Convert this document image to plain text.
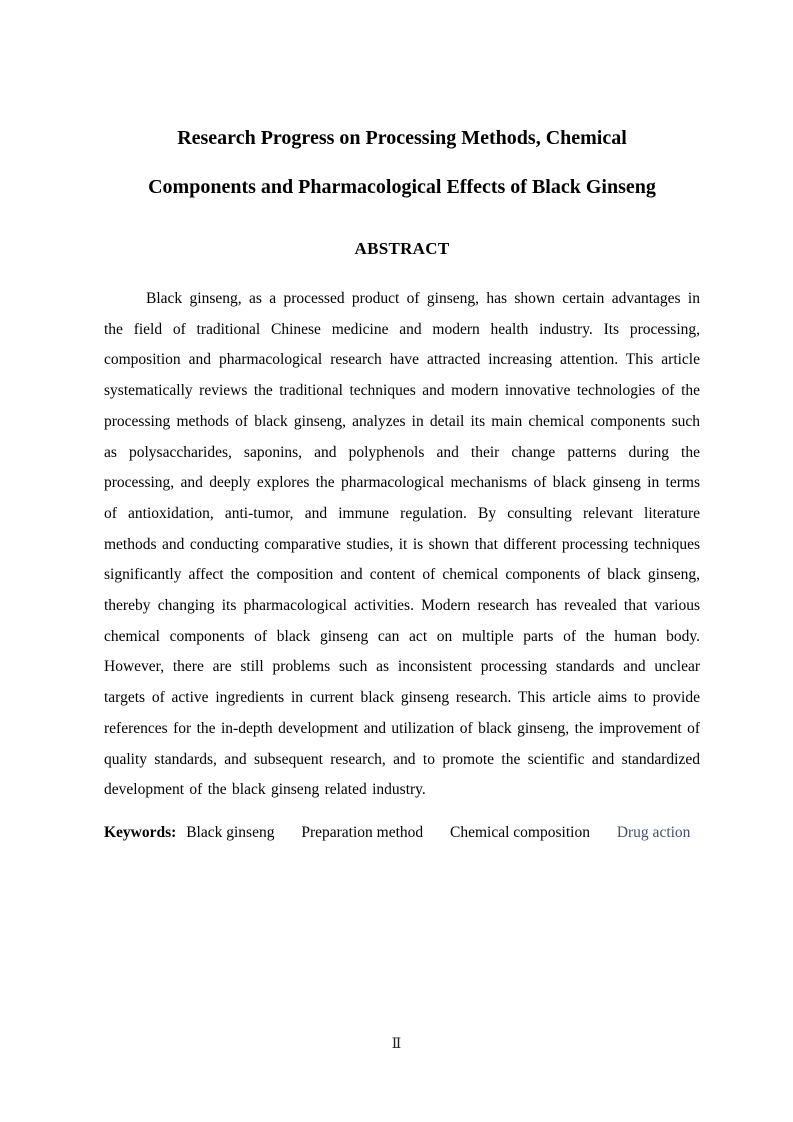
Research Progress on Processing Methods, Chemical
Components and Pharmacological Effects of Black Ginseng
ABSTRACT

Black ginseng, as a processed product of ginseng, has shown certain advantages in the field of traditional Chinese medicine and modern health industry. Its processing, composition and pharmacological research have attracted increasing attention. This article systematically reviews the traditional techniques and modern innovative technologies of the processing methods of black ginseng, analyzes in detail its main chemical components such as polysaccharides, saponins, and polyphenols and their change patterns during the processing, and deeply explores the pharmacological mechanisms of black ginseng in terms of antioxidation, anti-tumor, and immune regulation. By consulting relevant literature methods and conducting comparative studies, it is shown that different processing techniques significantly affect the composition and content of chemical components of black ginseng, thereby changing its pharmacological activities. Modern research has revealed that various chemical components of black ginseng can act on multiple parts of the human body. However, there are still problems such as inconsistent processing standards and unclear targets of active ingredients in current black ginseng research. This article aims to provide references for the in-depth development and utilization of black ginseng, the improvement of quality standards, and subsequent research, and to promote the scientific and standardized development of the black ginseng related industry.

Keywords: Black ginseng Preparation method Chemical composition Drug action

Ⅱ
